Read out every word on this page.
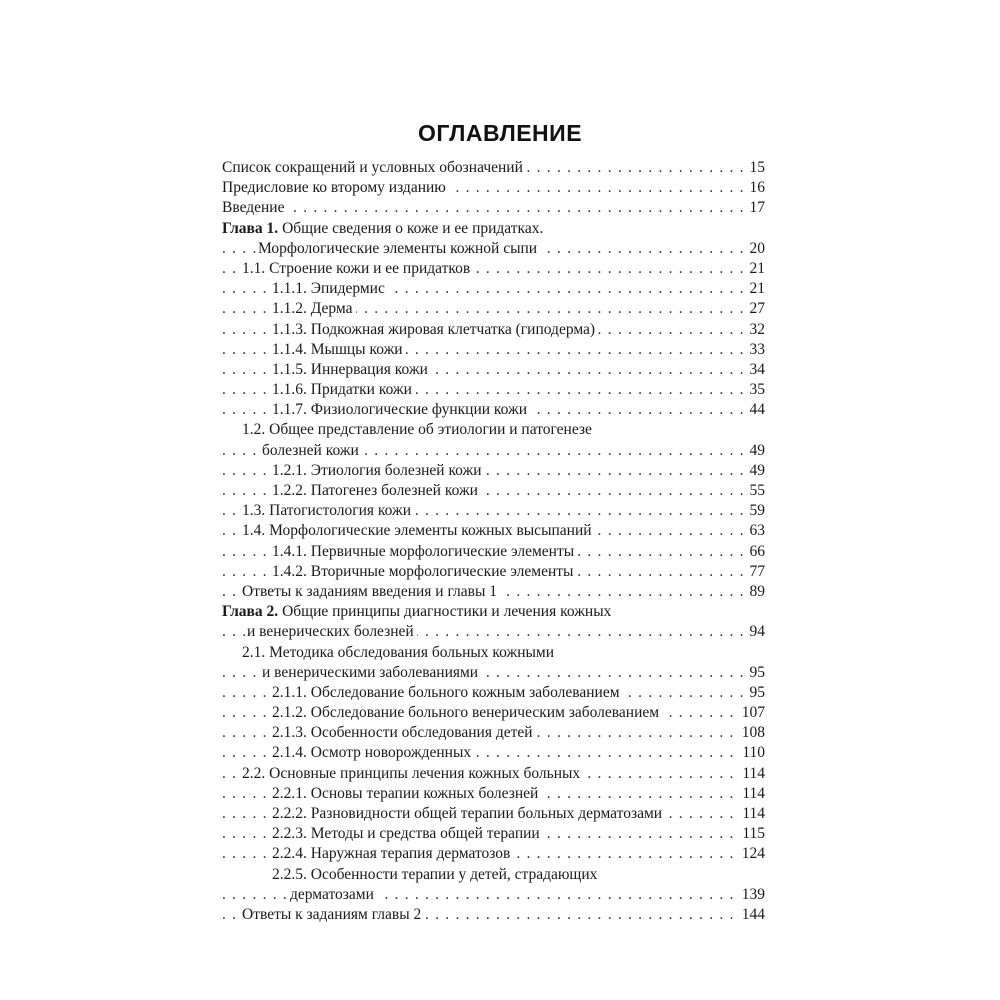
ОГЛАВЛЕНИЕ
. . . Список сокращений и условных обозначений	15
. . . Предисловие ко второму изданию	16
. . . Введение	17
Глава 1. Общие сведения о коже и ее придатках.
. . . Морфологические элементы кожной сыпи	20
. . . 1.1. Строение кожи и ее придатков	21
. . . 1.1.1. Эпидермис	21
. . . 1.1.2. Дерма	27
. . . 1.1.3. Подкожная жировая клетчатка (гиподерма)	32
. . . 1.1.4. Мышцы кожи	33
. . . 1.1.5. Иннервация кожи	34
. . . 1.1.6. Придатки кожи	35
. . . 1.1.7. Физиологические функции кожи	44
1.2. Общее представление об этиологии и патогенезе
. . . болезней кожи	49
. . . 1.2.1. Этиология болезней кожи	49
. . . 1.2.2. Патогенез болезней кожи	55
. . . 1.3. Патогистология кожи	59
. . . 1.4. Морфологические элементы кожных высыпаний	63
. . . 1.4.1. Первичные морфологические элементы	66
. . . 1.4.2. Вторичные морфологические элементы	77
. . . Ответы к заданиям введения и главы 1	89
Глава 2. Общие принципы диагностики и лечения кожных
. . . и венерических болезней	94
2.1. Методика обследования больных кожными
. . . и венерическими заболеваниями	95
. . . 2.1.1. Обследование больного кожным заболеванием	95
. . . 2.1.2. Обследование больного венерическим заболеванием	107
. . . 2.1.3. Особенности обследования детей	108
. . . 2.1.4. Осмотр новорожденных	110
. . . 2.2. Основные принципы лечения кожных больных	114
. . . 2.2.1. Основы терапии кожных болезней	114
. . . 2.2.2. Разновидности общей терапии больных дерматозами	114
. . . 2.2.3. Методы и средства общей терапии	115
. . . 2.2.4. Наружная терапия дерматозов	124
2.2.5. Особенности терапии у детей, страдающих
. . . дерматозами	139
. . . Ответы к заданиям главы 2	144
